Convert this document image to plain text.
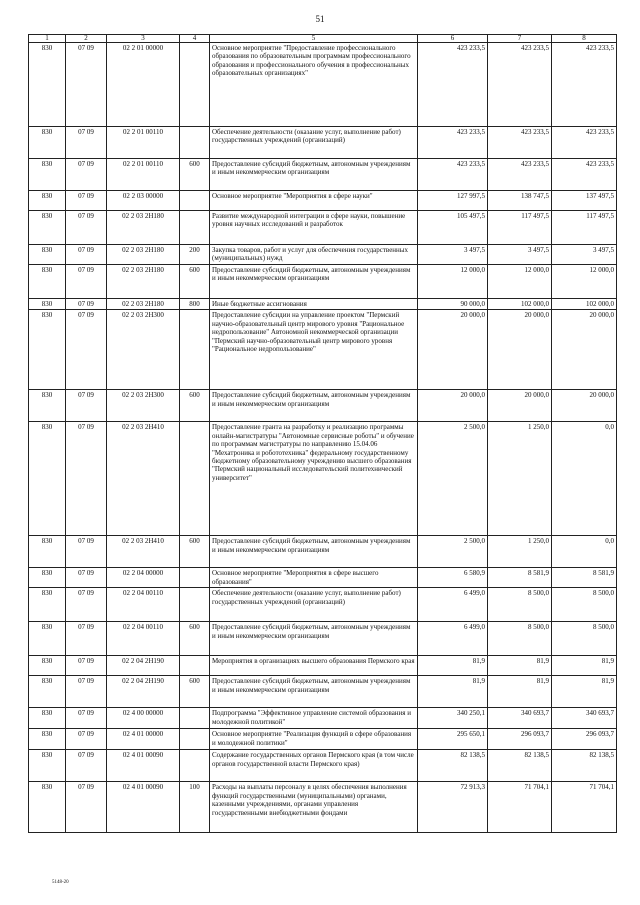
51
1	2	3	4	5	6	7	8
830	07 09	02 2 01 00000		Основное мероприятие "Предоставление профессионального образования по образовательным программам профессионального образования и профессионального обучения в профессиональных образовательных организациях"	423 233,5	423 233,5	423 233,5
830	07 09	02 2 01 00110		Обеспечение деятельности (оказание услуг, выполнение работ) государственных учреждений (организаций)	423 233,5	423 233,5	423 233,5
830	07 09	02 2 01 00110	600	Предоставление субсидий бюджетным, автономным учреждениям и иным некоммерческим организациям	423 233,5	423 233,5	423 233,5
830	07 09	02 2 03 00000		Основное мероприятие "Мероприятия в сфере науки"	127 997,5	138 747,5	137 497,5
830	07 09	02 2 03 2Н180		Развитие международной интеграции в сфере науки, повышение уровня научных исследований и разработок	105 497,5	117 497,5	117 497,5
830	07 09	02 2 03 2Н180	200	Закупка товаров, работ и услуг для обеспечения государственных (муниципальных) нужд	3 497,5	3 497,5	3 497,5
830	07 09	02 2 03 2Н180	600	Предоставление субсидий бюджетным, автономным учреждениям и иным некоммерческим организациям	12 000,0	12 000,0	12 000,0
830	07 09	02 2 03 2Н180	800	Иные бюджетные ассигнования	90 000,0	102 000,0	102 000,0
830	07 09	02 2 03 2Н300		Предоставление субсидии на управление проектом "Пермский научно-образовательный центр мирового уровня "Рациональное недропользование" Автономной некоммерческой организации "Пермский научно-образовательный центр мирового уровня "Рациональное недропользование"	20 000,0	20 000,0	20 000,0
830	07 09	02 2 03 2Н300	600	Предоставление субсидий бюджетным, автономным учреждениям и иным некоммерческим организациям	20 000,0	20 000,0	20 000,0
830	07 09	02 2 03 2Н410		Предоставление гранта на разработку и реализацию программы онлайн-магистратуры "Автономные сервисные роботы" и обучение по программам магистратуры по направлению 15.04.06 "Мехатроника и робототехника" федеральному государственному бюджетному образовательному учреждению высшего образования "Пермский национальный исследовательский политехнический университет"	2 500,0	1 250,0	0,0
830	07 09	02 2 03 2Н410	600	Предоставление субсидий бюджетным, автономным учреждениям и иным некоммерческим организациям	2 500,0	1 250,0	0,0
830	07 09	02 2 04 00000		Основное мероприятие "Мероприятия в сфере высшего образования"	6 580,9	8 581,9	8 581,9
830	07 09	02 2 04 00110		Обеспечение деятельности (оказание услуг, выполнение работ) государственных учреждений (организаций)	6 499,0	8 500,0	8 500,0
830	07 09	02 2 04 00110	600	Предоставление субсидий бюджетным, автономным учреждениям и иным некоммерческим организациям	6 499,0	8 500,0	8 500,0
830	07 09	02 2 04 2Н190		Мероприятия в организациях высшего образования Пермского края	81,9	81,9	81,9
830	07 09	02 2 04 2Н190	600	Предоставление субсидий бюджетным, автономным учреждениям и иным некоммерческим организациям	81,9	81,9	81,9
830	07 09	02 4 00 00000		Подпрограмма "Эффективное управление системой образования и молодежной политикой"	340 250,1	340 693,7	340 693,7
830	07 09	02 4 01 00000		Основное мероприятие "Реализация функций в сфере образования и молодежной политики"	295 650,1	296 093,7	296 093,7
830	07 09	02 4 01 00090		Содержание государственных органов Пермского края (в том числе органов государственной власти Пермского края)	82 138,5	82 138,5	82 138,5
830	07 09	02 4 01 00090	100	Расходы на выплаты персоналу в целях обеспечения выполнения функций государственными (муниципальными) органами, казенными учреждениями, органами управления государственными внебюджетными фондами	72 913,3	71 704,1	71 704,1
5148-20
